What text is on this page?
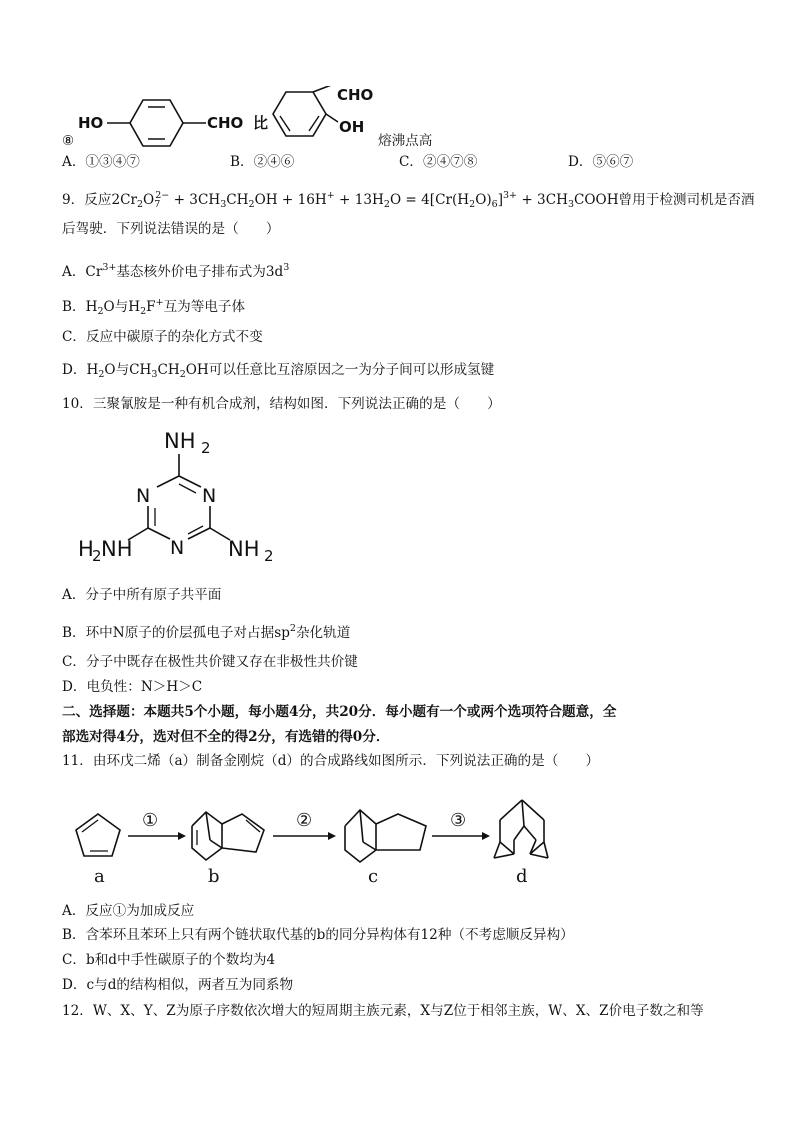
HO	CHO 比
CHO
OH
⑧	熔沸点高
A．①③④⑦	B．②④⑥	C．②④⑦⑧	D．⑤⑥⑦
9．反应$2Cr_2O_7^{2-} + 3CH_3CH_2OH + 16H^+ + 13H_2O = 4[Cr(H_2O)_6]^{3+}$ + $3CH_3COOH$曾用于检测司机是否酒
后驾驶．下列说法错误的是（　　）
A．$Cr^{3+}$基态核外价电子排布式为$3d^3$
B．$H_2O$与$H_2F^+$互为等电子体
C．反应中碳原子的杂化方式不变
D．$H_2O$与$CH_3CH_2OH$可以任意比互溶原因之一为分子间可以形成氢键
10．三聚氰胺是一种有机合成剂，结构如图．下列说法正确的是（　　）
NH 2
N	N
N
H
2 NH	NH 2
A．分子中所有原子共平面
B．环中N原子的价层孤电子对占据$sp^2$杂化轨道
C．分子中既存在极性共价键又存在非极性共价键
D．电负性：N＞H＞C
二、选择题：本题共5个小题，每小题4分，共20分．每小题有一个或两个选项符合题意，全
部选对得4分，选对但不全的得2分，有选错的得0分．
11．由环戊二烯（a）制备金刚烷（d）的合成路线如图所示．下列说法正确的是（　　）
①	②	③
a	b	c	d
A．反应①为加成反应
B．含苯环且苯环上只有两个链状取代基的b的同分异构体有12种（不考虑顺反异构）
C．b和d中手性碳原子的个数均为4
D．c与d的结构相似，两者互为同系物
12．W、X、Y、Z为原子序数依次增大的短周期主族元素，X与Z位于相邻主族，W、X、Z价电子数之和等
